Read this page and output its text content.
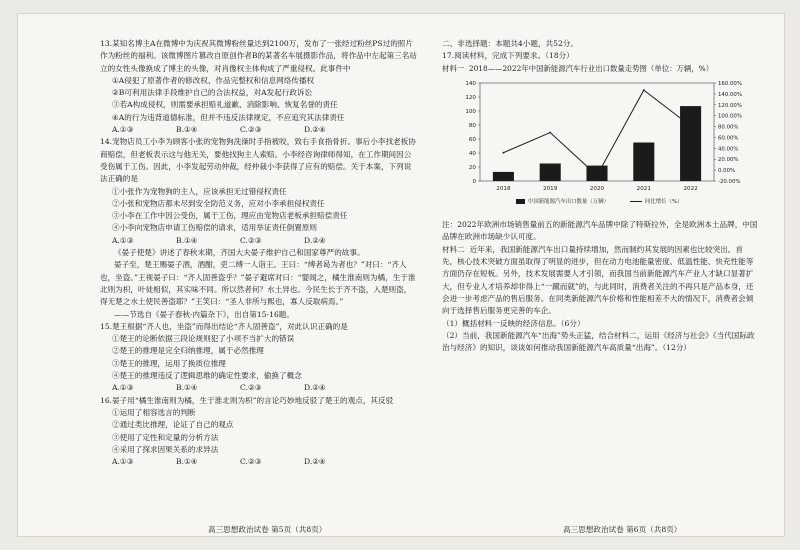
13.某知名博主A在微博中为庆祝其微博粉丝量达到2100万，发布了一张经过粉丝PS过的照片作为粉丝的福利。该微博图片篡改自原创作者B的某著名车展摄影作品，将作品中左起第三名站立的女性头像换成了博主的头像，对肖像权主体构成了严重侵权。此事件中

①A侵犯了原著作者的修改权、作品完整权和信息网络传播权

②B可利用法律手段维护自己的合法权益，对A发起行政诉讼

③若A构成侵权，则需要承担赔礼道歉、消除影响、恢复名誉的责任

④A的行为违背道德标准，但并不违反法律规定，不应追究其法律责任

A.①③	B.①④	C.②③	D.②④

14.宠物店员工小李为顾客小张的宠物狗洗澡时手指被咬，致右手食指骨折。事后小李找老板协商赔偿，但老板表示这与他无关，要他找狗主人索赔。小李经咨询律师得知，在工作期间因公受伤属于工伤。因此，小李发起劳动仲裁，经仲裁小李获得了应有的赔偿。关于本案，下列说法正确的是

①小张作为宠物狗的主人，应该承担无过错侵权责任

②小张和宠物店都未尽到安全防范义务，应对小李承担侵权责任

③小李在工作中因公受伤，属于工伤，理应由宠物店老板承担赔偿责任

④小李向宠物店申请工伤赔偿的请求，适用举证责任倒置原则

A.①③	B.①④	C.②③	D.②④

《晏子使楚》讲述了春秋末期，齐国大夫晏子维护自己和国家尊严的故事。

晏子至，楚王赐晏子酒，酒酣，吏二缚一人诣王。王曰：“缚者曷为者也？”对曰：“齐人也，坐盗。”王视晏子曰：“齐人固善盗乎？”晏子避席对曰：“婴闻之，橘生淮南则为橘，生于淮北则为枳，叶徒相似，其实味不同。所以然者何？水土异也。今民生长于齐不盗，入楚则盗，得无楚之水土使民善盗耶？”王笑曰：“圣人非所与熙也，寡人反取病焉。”

——节选自《晏子春秋·内篇杂下》，出自第15-16题。

15.楚王根据“齐人也，坐盗”而得出结论“齐人固善盗”，对此认识正确的是

①楚王的论断依据三段论规则犯了小项不当扩大的错误

②楚王的推理是完全归纳推理，属于必然推理

③楚王的推理，运用了换质位推理

④楚王的推理违反了逻辑思维的确定性要求，偷换了概念

A.①③	B.①④	C.②③	D.②④

16.晏子用“橘生淮南则为橘，生于淮北则为枳”的言论巧妙地反驳了楚王的观点，其反驳

①运用了相容选言的判断

②通过类比推理，论证了自己的观点

③使用了定性和定量的分析方法

④采用了探求因果关系的求异法

A.①③	B.①④	C.②③	D.②④

二、非选择题：本题共4小题，共52分。

17.阅读材料，完成下列要求。（18分）

材料一 2018——2022年中国新能源汽车行业出口数量走势图（单位：万辆，%）

0
20
40
60
80
100
120
140
-20.00%
0.00%
20.00%
40.00%
60.00%
80.00%
100.00%
120.00%
140.00%
160.00%
2018	2019	2020	2021	2022
中国新能源汽车出口数量（万辆）	同比增长（%）

注：2022年欧洲市场销售量前五的新能源汽车品牌中除了特斯拉外，全是欧洲本土品牌，中国品牌在欧洲市场缺少认可度。

材料二  近年来，我国新能源汽车出口量持续增加，然而制约其发展的因素也比较突出。首先，核心技术突破方面虽取得了明显的进步，但在动力电池能量密度、低温性能、快充性能等方面仍存在短板。另外，技术发展需要人才引领，而我国当前新能源汽车产业人才缺口显著扩大，但专业人才培养却非得上“一蹴而就”的，与此同时，消费者关注的不再只是产品本身，还会进一步考虑产品的售后服务。在同类新能源汽车价格和性能相差不大的情况下，消费者会倾向于选择售后服务更完善的车企。

（1）概括材料一反映的经济信息。（6分）

（2）当前，我国新能源汽车“出海”势头正猛，结合材料二，运用《经济与社会》《当代国际政治与经济》的知识，谈谈如何推动我国新能源汽车高质量“出海”。（12分）

高三思想政治试卷 第5页（共8页）	高三思想政治试卷 第6页（共8页）
